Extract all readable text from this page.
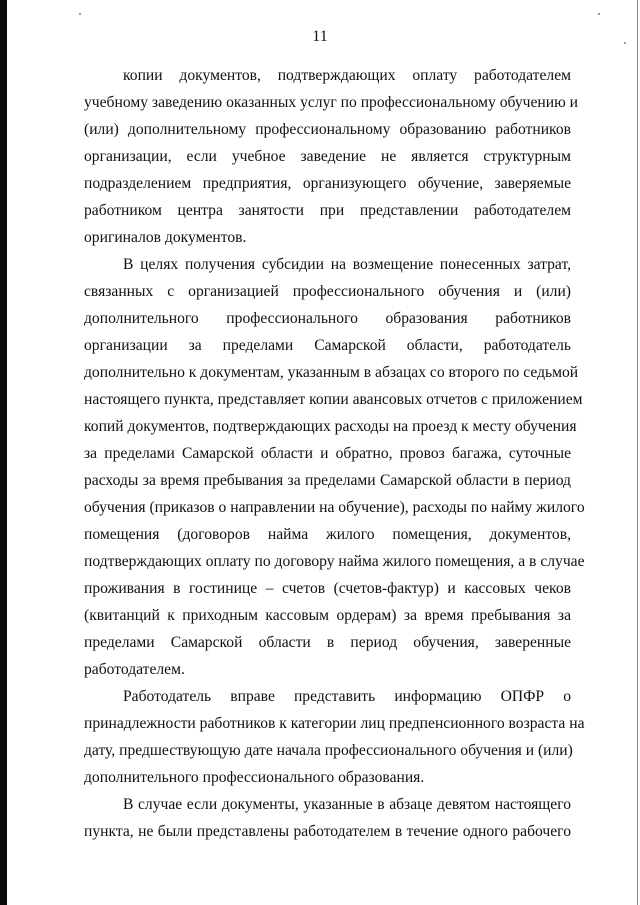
11
копии документов, подтверждающих оплату работодателем
учебному заведению оказанных услуг по профессиональному обучению и
(или) дополнительному профессиональному образованию работников
организации, если учебное заведение не является структурным
подразделением предприятия, организующего обучение, заверяемые
работником центра занятости при представлении работодателем
оригиналов документов.
В целях получения субсидии на возмещение понесенных затрат,
связанных с организацией профессионального обучения и (или)
дополнительного профессионального образования работников
организации за пределами Самарской области, работодатель
дополнительно к документам, указанным в абзацах со второго по седьмой
настоящего пункта, представляет копии авансовых отчетов с приложением
копий документов, подтверждающих расходы на проезд к месту обучения
за пределами Самарской области и обратно, провоз багажа, суточные
расходы за время пребывания за пределами Самарской области в период
обучения (приказов о направлении на обучение), расходы по найму жилого
помещения (договоров найма жилого помещения, документов,
подтверждающих оплату по договору найма жилого помещения, а в случае
проживания в гостинице – счетов (счетов-фактур) и кассовых чеков
(квитанций к приходным кассовым ордерам) за время пребывания за
пределами Самарской области в период обучения, заверенные
работодателем.
Работодатель вправе представить информацию ОПФР о
принадлежности работников к категории лиц предпенсионного возраста на
дату, предшествующую дате начала профессионального обучения и (или)
дополнительного профессионального образования.
В случае если документы, указанные в абзаце девятом настоящего
пункта, не были представлены работодателем в течение одного рабочего
